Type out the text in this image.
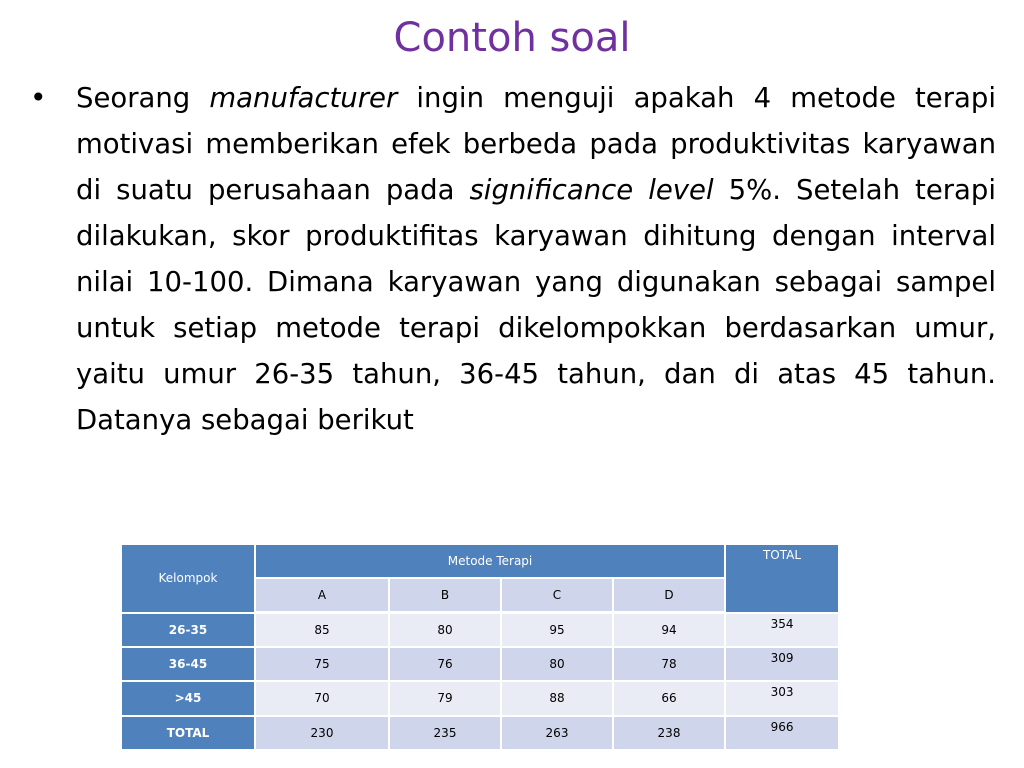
Contoh soal
• Seorang manufacturer ingin menguji apakah 4 metode terapi motivasi memberikan efek berbeda pada produktivitas karyawan di suatu perusahaan pada significance level 5%. Setelah terapi dilakukan, skor produktifitas karyawan dihitung dengan interval nilai 10-100. Dimana karyawan yang digunakan sebagai sampel untuk setiap metode terapi dikelompokkan berdasarkan umur, yaitu umur 26-35 tahun, 36-45 tahun, dan di atas 45 tahun. Datanya sebagai berikut
Kelompok	Metode Terapi				TOTAL
	A	B	C	D	
26-35	85	80	95	94	354
36-45	75	76	80	78	309
>45	70	79	88	66	303
TOTAL	230	235	263	238	966
